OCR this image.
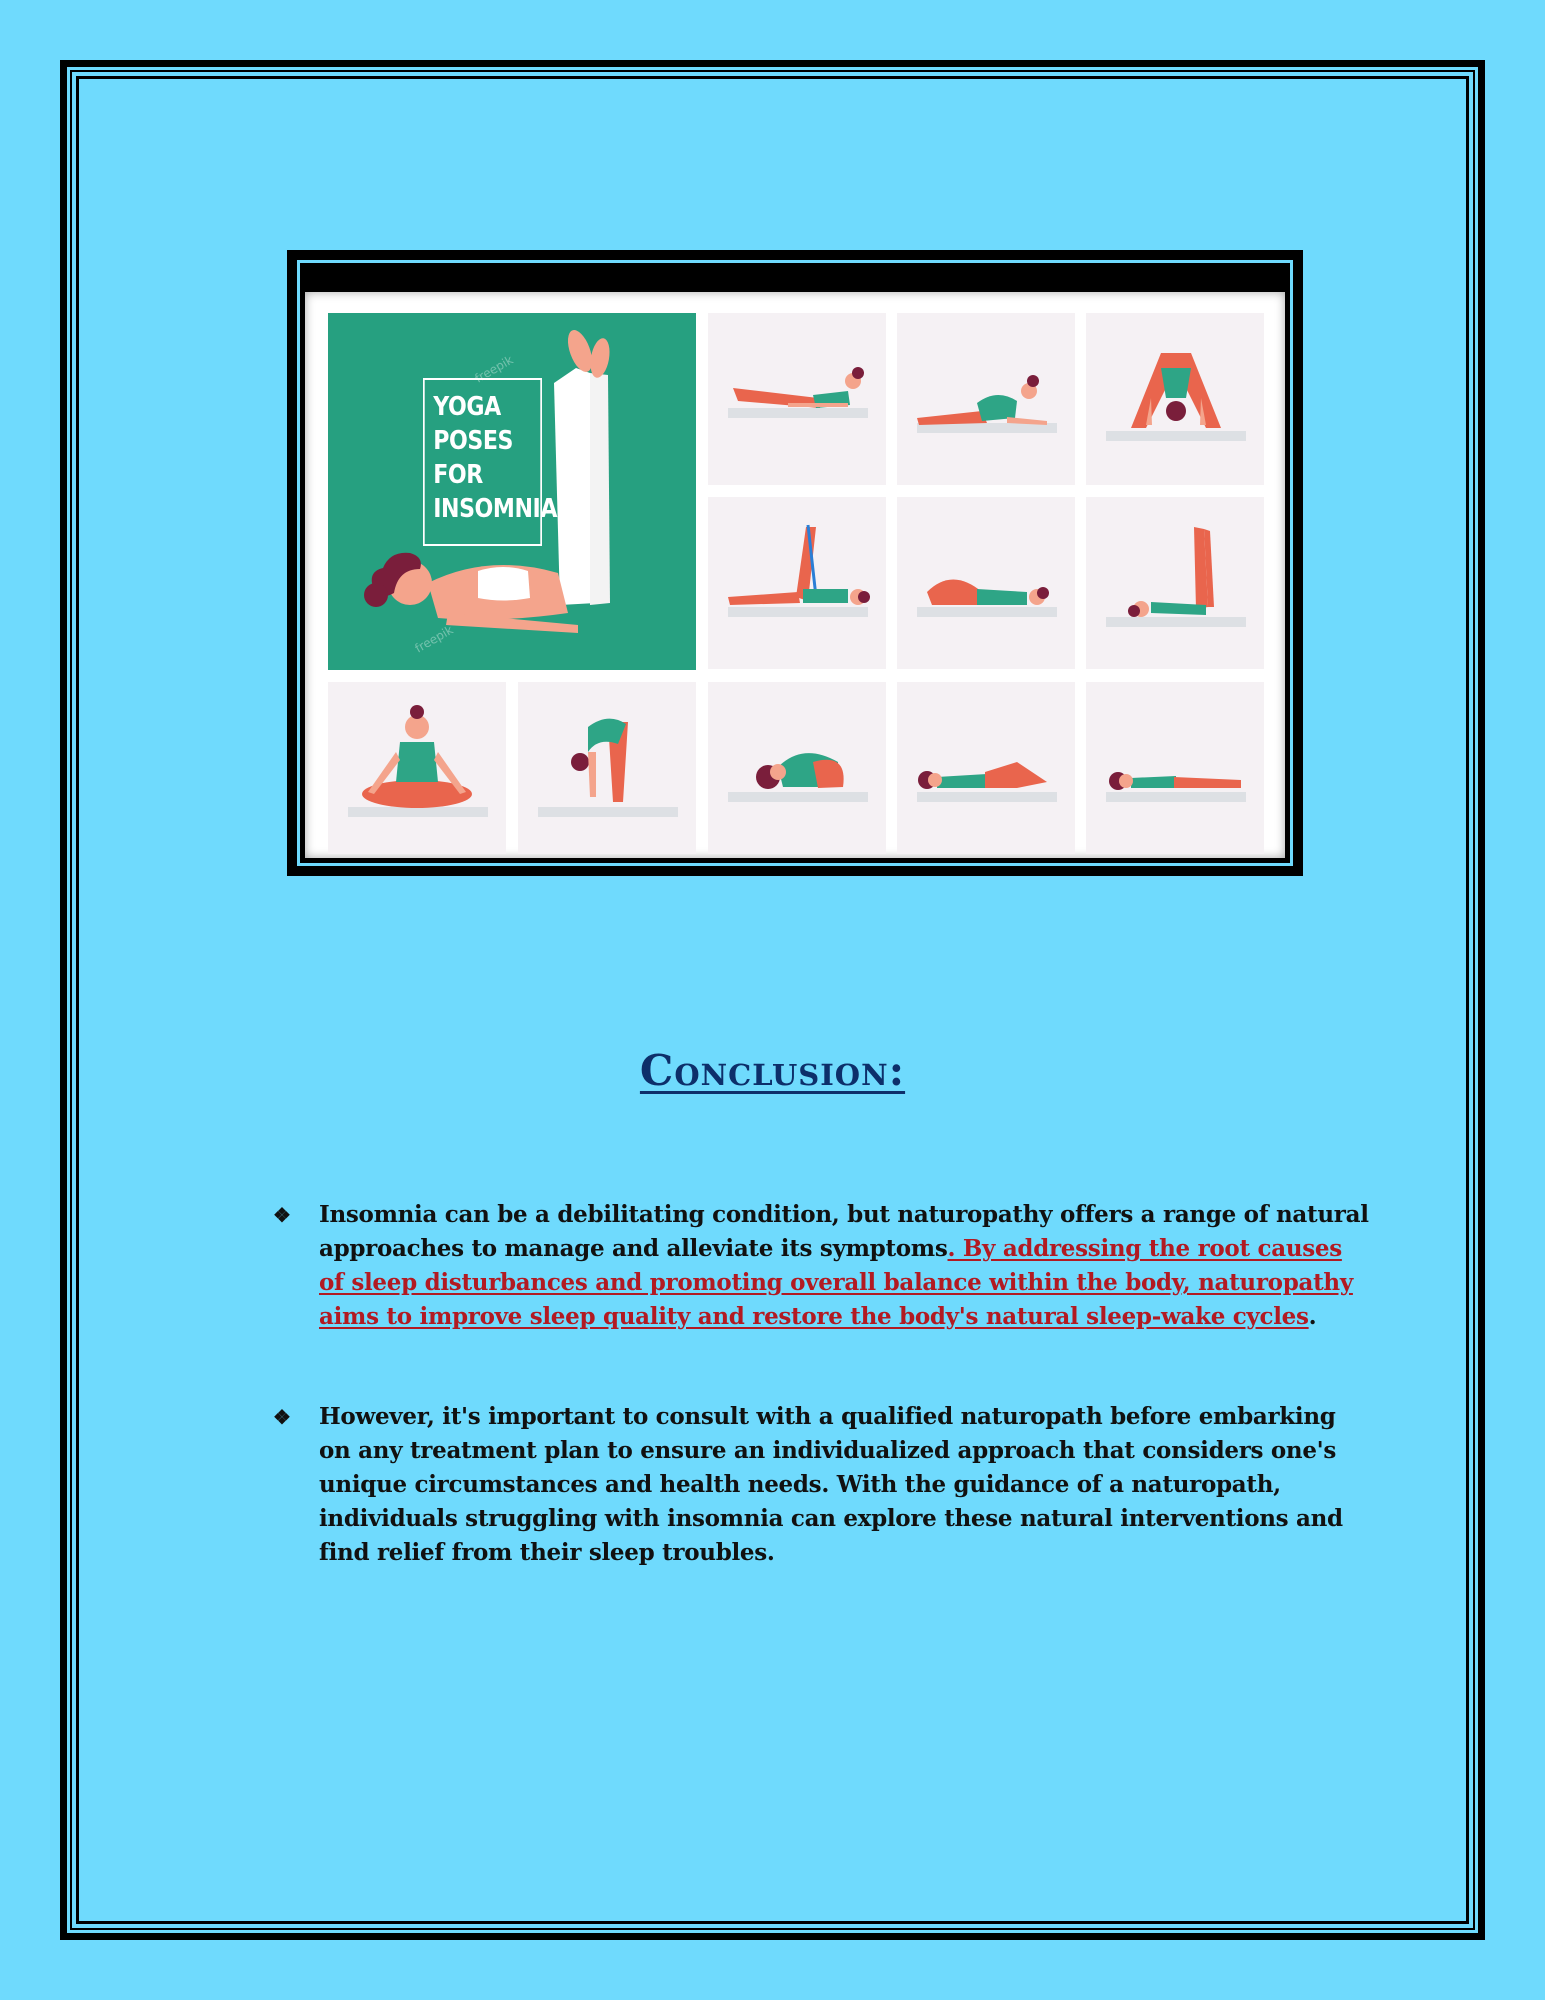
freepik
freepik
YOGA
POSES
FOR
INSOMNIA
Conclusion:
❖ Insomnia can be a debilitating condition, but naturopathy offers a range of natural approaches to manage and alleviate its symptoms. By addressing the root causes of sleep disturbances and promoting overall balance within the body, naturopathy aims to improve sleep quality and restore the body's natural sleep-wake cycles.
❖ However, it's important to consult with a qualified naturopath before embarking on any treatment plan to ensure an individualized approach that considers one's unique circumstances and health needs. With the guidance of a naturopath, individuals struggling with insomnia can explore these natural interventions and find relief from their sleep troubles.
